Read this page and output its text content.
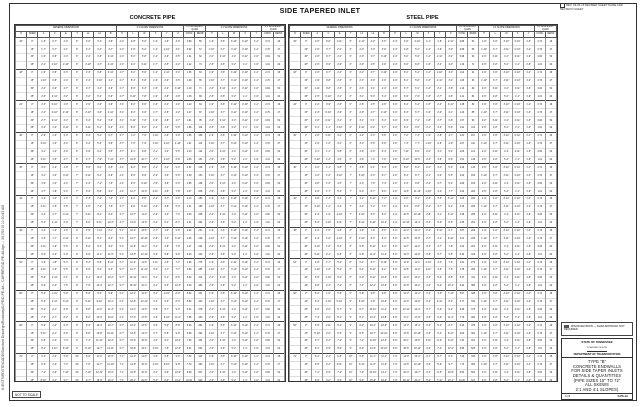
K:\ESTS\RDSTD\CADD\Standard Drawings\Roadway\D-PE\D-PE-4A -- CURRENT\D-PE-4A.dgn -- 3/17/2015 10:30:43 AM
SIDE TAPERED INLET
REV. 03-04-15 REVISED SHEET NAME AND REVISION SHEET.
CONCRETE PIPE	STEEL PIPE
GENERAL DIMENSIONS									2:1 SLOPE DIMENSIONS						2:1 SLOPE EST QUAN		4:1 SLOPE DIMENSIONS					4:1 SLOPE EST QUAN	
D	SKEW	A	C	E	T	L1	L2	B	H	L	W	X	Y	Z	CONC	REINF	H	L	W	X	Y	CONC	REINF
15"	0°	1'-6"	0'-7"	2'-0"	6"	2'-0"	3'-3"	3'-6"	2'-4"	4'-8"	5'-0"	1'-2"	1'-9"	3'-0"	0.89	55	1'-9"	3'-6"	3'-10"	0'-10"	1'-4"	0.74	46
	15°	1'-7"	0'-7"	2'-1"	6"	2'-1"	3'-4"	3'-7"	2'-4"	4'-9"	5'-2"	1'-2"	1'-10"	3'-1"	0.92	57	1'-10"	3'-7"	3'-11"	0'-10"	1'-4"	0.76	47
	30°	1'-9"	0'-8"	2'-4"	6"	2'-4"	3'-8"	3'-11"	2'-4"	5'-2"	5'-8"	1'-4"	2'-0"	3'-5"	1.01	62	2'-0"	3'-11"	4'-4"	0'-11"	1'-6"	0.84	52
	45°	2'-1"	0'-10"	2'-10"	6"	2'-10"	4'-7"	4'-11"	2'-4"	6'-2"	6'-11"	1'-7"	2'-5"	4'-2"	1.22	74	2'-5"	4'-8"	5'-2"	1'-1"	1'-9"	1.01	62
18"	0°	1'-9"	0'-8"	2'-3"	6"	2'-3"	3'-8"	3'-11"	2'-7"	5'-2"	5'-6"	1'-3"	1'-11"	3'-4"	1.05	63	1'-9"	3'-6"	3'-10"	0'-10"	1'-4"	0.74	46
	15°	1'-10"	0'-8"	2'-4"	6"	2'-4"	3'-10"	4'-1"	2'-7"	5'-4"	5'-8"	1'-3"	2'-0"	3'-5"	1.09	65	1'-10"	3'-7"	3'-11"	0'-10"	1'-4"	0.76	47
	30°	2'-0"	0'-9"	2'-7"	6"	2'-7"	4'-3"	4'-6"	2'-7"	5'-9"	6'-3"	1'-5"	2'-2"	3'-10"	1.19	71	2'-0"	3'-11"	4'-4"	0'-11"	1'-6"	0.84	52
	45°	2'-6"	0'-11"	3'-2"	6"	3'-2"	5'-2"	5'-6"	2'-7"	6'-11"	7'-8"	1'-9"	2'-8"	4'-8"	1.45	86	2'-5"	4'-8"	5'-2"	1'-1"	1'-9"	1.01	62
24"	0°	2'-3"	0'-10"	2'-9"	6"	2'-9"	4'-6"	4'-9"	3'-1"	6'-2"	6'-6"	1'-6"	2'-4"	4'-0"	1.42	84	1'-9"	3'-6"	3'-10"	0'-10"	1'-4"	0.74	46
	15°	2'-4"	0'-10"	2'-10"	6"	2'-10"	4'-8"	4'-11"	3'-1"	6'-4"	6'-9"	1'-7"	2'-5"	4'-2"	1.47	87	1'-10"	3'-7"	3'-11"	0'-10"	1'-4"	0.76	47
	30°	2'-7"	0'-11"	3'-2"	6"	3'-2"	5'-2"	5'-6"	3'-1"	6'-11"	7'-6"	1'-9"	2'-8"	4'-7"	1.61	95	2'-0"	3'-11"	4'-4"	0'-11"	1'-6"	0.84	52
	45°	3'-2"	1'-2"	3'-11"	6"	3'-11"	6'-4"	6'-9"	3'-1"	8'-6"	9'-2"	2'-2"	3'-3"	5'-8"	1.96	116	2'-5"	4'-8"	5'-2"	1'-1"	1'-9"	1.01	62
30"	0°	2'-9"	1'-0"	3'-3"	6"	3'-3"	5'-4"	5'-7"	3'-7"	7'-2"	7'-6"	1'-10"	2'-9"	4'-8"	1.85	109	1'-9"	3'-6"	3'-10"	0'-10"	1'-4"	0.74	46
	15°	2'-10"	1'-0"	3'-4"	6"	3'-4"	5'-6"	5'-9"	3'-7"	7'-5"	7'-9"	1'-10"	2'-10"	4'-10"	1.91	113	1'-10"	3'-7"	3'-11"	0'-10"	1'-4"	0.76	47
	30°	3'-2"	1'-2"	3'-9"	6"	3'-9"	6'-2"	6'-5"	3'-7"	8'-1"	8'-8"	2'-1"	3'-2"	5'-5"	2.10	124	2'-0"	3'-11"	4'-4"	0'-11"	1'-6"	0.84	52
	45°	3'-11"	1'-5"	4'-7"	6"	4'-7"	7'-6"	7'-11"	3'-7"	10'-0"	10'-7"	2'-7"	3'-10"	6'-8"	2.56	151	2'-5"	4'-8"	5'-2"	1'-1"	1'-9"	1.01	62
36"	0°	3'-3"	1'-2"	3'-9"	7"	3'-9"	6'-2"	6'-5"	4'-1"	8'-2"	8'-6"	2'-1"	3'-2"	5'-4"	2.51	148	1'-9"	3'-6"	3'-10"	0'-10"	1'-4"	0.74	46
	15°	3'-4"	1'-2"	3'-11"	7"	3'-11"	6'-4"	6'-8"	4'-1"	8'-6"	8'-9"	2'-2"	3'-3"	5'-6"	2.59	153	1'-10"	3'-7"	3'-11"	0'-10"	1'-4"	0.76	47
	30°	3'-9"	1'-4"	4'-4"	7"	4'-4"	7'-1"	7'-5"	4'-1"	9'-5"	9'-10"	2'-5"	3'-8"	6'-3"	2.85	168	2'-0"	3'-11"	4'-4"	0'-11"	1'-6"	0.84	52
	45°	4'-7"	1'-8"	5'-4"	7"	5'-4"	8'-8"	9'-1"	4'-1"	11'-7"	12'-0"	2'-11"	4'-5"	7'-8"	3.47	205	2'-5"	4'-8"	5'-2"	1'-1"	1'-9"	1.01	62
42"	0°	3'-9"	1'-4"	4'-3"	7"	4'-3"	7'-0"	7'-3"	4'-7"	9'-2"	9'-6"	2'-4"	3'-7"	6'-0"	3.10	183	1'-9"	3'-6"	3'-10"	0'-10"	1'-4"	0.74	46
	15°	3'-11"	1'-5"	4'-5"	7"	4'-5"	7'-3"	7'-6"	4'-7"	9'-6"	9'-10"	2'-5"	3'-8"	6'-3"	3.21	189	1'-10"	3'-7"	3'-11"	0'-10"	1'-4"	0.76	47
	30°	4'-4"	1'-7"	4'-11"	7"	4'-11"	8'-1"	8'-4"	4'-7"	10'-7"	11'-0"	2'-9"	4'-2"	7'-0"	3.53	208	2'-0"	3'-11"	4'-4"	0'-11"	1'-6"	0.84	52
	45°	5'-4"	1'-11"	6'-0"	7"	6'-0"	9'-11"	10'-3"	4'-7"	13'-0"	13'-6"	3'-4"	5'-1"	8'-7"	4.31	254	2'-5"	4'-8"	5'-2"	1'-1"	1'-9"	1.01	62
48"	0°	4'-3"	1'-6"	4'-9"	8"	4'-9"	7'-10"	8'-1"	5'-1"	10'-2"	10'-6"	2'-7"	4'-0"	6'-8"	3.92	231	1'-9"	3'-6"	3'-10"	0'-10"	1'-4"	0.74	46
	15°	4'-5"	1'-7"	4'-11"	8"	4'-11"	8'-1"	8'-4"	5'-1"	10'-7"	10'-10"	2'-8"	4'-2"	6'-11"	4.06	239	1'-10"	3'-7"	3'-11"	0'-10"	1'-4"	0.76	47
	30°	4'-11"	1'-9"	5'-6"	8"	5'-6"	9'-0"	9'-4"	5'-1"	11'-9"	12'-2"	3'-1"	4'-8"	7'-9"	4.47	264	2'-0"	3'-11"	4'-4"	0'-11"	1'-6"	0.84	52
	45°	6'-0"	2'-2"	6'-9"	8"	6'-9"	11'-1"	11'-5"	5'-1"	14'-5"	14'-11"	3'-9"	5'-8"	9'-6"	5.46	322	2'-5"	4'-8"	5'-2"	1'-1"	1'-9"	1.01	62
54"	0°	4'-9"	1'-8"	5'-3"	8"	5'-3"	8'-8"	8'-11"	5'-7"	11'-2"	11'-6"	2'-11"	4'-5"	7'-4"	4.66	275	1'-9"	3'-6"	3'-10"	0'-10"	1'-4"	0.74	46
	15°	4'-11"	1'-9"	5'-5"	8"	5'-5"	9'-0"	9'-3"	5'-7"	11'-7"	11'-11"	3'-0"	4'-7"	7'-7"	4.83	285	1'-10"	3'-7"	3'-11"	0'-10"	1'-4"	0.76	47
	30°	5'-6"	1'-11"	6'-1"	8"	6'-1"	10'-0"	10'-4"	5'-7"	12'-11"	13'-4"	3'-4"	5'-1"	8'-6"	5.32	314	2'-0"	3'-11"	4'-4"	0'-11"	1'-6"	0.84	52
	45°	6'-9"	2'-4"	7'-5"	8"	7'-5"	12'-3"	12'-7"	5'-7"	15'-10"	16'-4"	4'-1"	6'-3"	10'-5"	6.50	383	2'-5"	4'-8"	5'-2"	1'-1"	1'-9"	1.01	62
60"	0°	5'-3"	1'-10"	5'-9"	9"	5'-9"	9'-6"	9'-9"	6'-1"	12'-2"	12'-6"	3'-2"	4'-10"	8'-0"	5.62	331	1'-9"	3'-6"	3'-10"	0'-10"	1'-4"	0.74	46
	15°	5'-5"	1'-11"	5'-11"	9"	5'-11"	9'-10"	10'-1"	6'-1"	12'-8"	12'-11"	3'-3"	5'-0"	8'-3"	5.82	343	1'-10"	3'-7"	3'-11"	0'-10"	1'-4"	0.76	47
	30°	6'-1"	2'-1"	6'-8"	9"	6'-8"	11'-0"	11'-3"	6'-1"	14'-1"	14'-6"	3'-8"	5'-7"	9'-3"	6.41	378	2'-0"	3'-11"	4'-4"	0'-11"	1'-6"	0.84	52
	45°	7'-5"	2'-7"	8'-2"	9"	8'-2"	13'-5"	13'-9"	6'-1"	17'-3"	17'-8"	4'-6"	6'-10"	11'-4"	7.85	463	2'-5"	4'-8"	5'-2"	1'-1"	1'-9"	1.01	62
66"	0°	5'-9"	2'-0"	6'-3"	9"	6'-3"	10'-4"	10'-7"	6'-7"	13'-2"	13'-6"	3'-5"	5'-3"	8'-8"	6.45	381	1'-9"	3'-6"	3'-10"	0'-10"	1'-4"	0.74	46
	15°	5'-11"	2'-1"	6'-6"	9"	6'-6"	10'-8"	10'-11"	6'-7"	13'-8"	14'-0"	3'-7"	5'-5"	9'-0"	6.68	394	1'-10"	3'-7"	3'-11"	0'-10"	1'-4"	0.76	47
	30°	6'-8"	2'-4"	7'-3"	9"	7'-3"	11'-11"	12'-3"	6'-7"	15'-3"	15'-8"	4'-0"	6'-1"	10'-0"	7.36	434	2'-0"	3'-11"	4'-4"	0'-11"	1'-6"	0.84	52
	45°	8'-2"	2'-10"	8'-10"	9"	8'-10"	14'-7"	14'-11"	6'-7"	18'-8"	19'-1"	4'-10"	7'-5"	12'-3"	9.01	532	2'-5"	4'-8"	5'-2"	1'-1"	1'-9"	1.01	62
72"	0°	6'-3"	2'-2"	6'-9"	10"	6'-9"	11'-2"	11'-5"	7'-1"	14'-2"	14'-6"	3'-8"	5'-8"	9'-4"	7.52	444	1'-9"	3'-6"	3'-10"	0'-10"	1'-4"	0.74	46
	15°	6'-6"	2'-3"	7'-0"	10"	7'-0"	11'-7"	11'-10"	7'-1"	14'-8"	15'-0"	3'-10"	5'-10"	9'-8"	7.79	460	1'-10"	3'-7"	3'-11"	0'-10"	1'-4"	0.76	47
	30°	7'-3"	2'-6"	7'-10"	10"	7'-10"	12'-11"	13'-2"	7'-1"	16'-5"	16'-9"	4'-4"	6'-6"	10'-9"	8.59	507	2'-0"	3'-11"	4'-4"	0'-11"	1'-6"	0.84	52
	45°	8'-10"	3'-1"	9'-7"	10"	9'-7"	15'-9"	16'-1"	7'-1"	20'-1"	20'-6"	5'-3"	8'-0"	13'-2"	10.51	620	2'-5"	4'-8"	5'-2"	1'-1"	1'-9"	1.01	62
GENERAL DIMENSIONS									2:1 SLOPE DIMENSIONS						2:1 SLOPE EST QUAN		4:1 SLOPE DIMENSIONS					4:1 SLOPE EST QUAN	
D	SKEW	A	C	E	T	L1	L2	B	H	L	W	X	Y	Z	CONC	REINF	H	L	W	X	Y	CONC	REINF
15"	0°	1'-5"	0'-6"	1'-11"	6"	1'-11"	3'-2"	3'-5"	2'-3"	4'-6"	4'-10"	1'-1"	1'-8"	2'-11"	0.86	53	1'-9"	3'-6"	3'-10"	0'-10"	1'-4"	0.74	46
	15°	1'-6"	0'-7"	2'-0"	6"	2'-0"	3'-3"	3'-6"	2'-3"	4'-8"	5'-0"	1'-2"	1'-9"	3'-0"	0.89	55	1'-10"	3'-7"	3'-11"	0'-10"	1'-4"	0.76	47
	30°	1'-8"	0'-7"	2'-3"	6"	2'-3"	3'-7"	3'-10"	2'-3"	5'-0"	5'-6"	1'-3"	1'-11"	3'-4"	0.98	60	2'-0"	3'-11"	4'-4"	0'-11"	1'-6"	0.84	52
	45°	2'-0"	0'-9"	2'-9"	6"	2'-9"	4'-5"	4'-9"	2'-3"	6'-0"	6'-8"	1'-6"	2'-4"	4'-0"	1.19	72	2'-5"	4'-8"	5'-2"	1'-1"	1'-9"	1.01	62
18"	0°	1'-8"	0'-7"	2'-2"	6"	2'-2"	3'-7"	3'-10"	2'-6"	5'-0"	5'-4"	1'-2"	1'-10"	3'-3"	1.02	61	1'-9"	3'-6"	3'-10"	0'-10"	1'-4"	0.74	46
	15°	1'-9"	0'-8"	2'-3"	6"	2'-3"	3'-9"	4'-0"	2'-6"	5'-2"	5'-6"	1'-3"	1'-11"	3'-4"	1.06	63	1'-10"	3'-7"	3'-11"	0'-10"	1'-4"	0.76	47
	30°	1'-11"	0'-8"	2'-6"	6"	2'-6"	4'-1"	4'-4"	2'-6"	5'-7"	6'-1"	1'-4"	2'-1"	3'-8"	1.16	69	2'-0"	3'-11"	4'-4"	0'-11"	1'-6"	0.84	52
	45°	2'-5"	0'-10"	3'-1"	6"	3'-1"	5'-0"	5'-4"	2'-6"	6'-9"	7'-6"	1'-8"	2'-7"	4'-6"	1.41	84	2'-5"	4'-8"	5'-2"	1'-1"	1'-9"	1.01	62
24"	0°	2'-2"	0'-9"	2'-8"	6"	2'-8"	4'-5"	4'-8"	3'-0"	6'-0"	6'-4"	1'-5"	2'-3"	3'-11"	1.38	82	1'-9"	3'-6"	3'-10"	0'-10"	1'-4"	0.74	46
	15°	2'-3"	0'-10"	2'-9"	6"	2'-9"	4'-7"	4'-10"	3'-0"	6'-3"	6'-7"	1'-6"	2'-4"	4'-1"	1.43	85	1'-10"	3'-7"	3'-11"	0'-10"	1'-4"	0.76	47
	30°	2'-6"	0'-11"	3'-1"	6"	3'-1"	5'-1"	5'-4"	3'-0"	6'-9"	7'-4"	1'-8"	2'-7"	4'-6"	1.57	93	2'-0"	3'-11"	4'-4"	0'-11"	1'-6"	0.84	52
	45°	3'-1"	1'-1"	3'-10"	6"	3'-10"	6'-2"	6'-7"	3'-0"	8'-4"	9'-0"	2'-1"	3'-2"	5'-6"	1.91	113	2'-5"	4'-8"	5'-2"	1'-1"	1'-9"	1.01	62
30"	0°	2'-8"	0'-11"	3'-2"	6"	3'-2"	5'-3"	5'-6"	3'-6"	7'-0"	7'-4"	1'-9"	2'-8"	4'-7"	1.81	107	1'-9"	3'-6"	3'-10"	0'-10"	1'-4"	0.74	46
	15°	2'-9"	1'-0"	3'-3"	6"	3'-3"	5'-5"	5'-8"	3'-6"	7'-3"	7'-7"	1'-10"	2'-9"	4'-9"	1.87	110	1'-10"	3'-7"	3'-11"	0'-10"	1'-4"	0.76	47
	30°	3'-1"	1'-1"	3'-8"	6"	3'-8"	6'-0"	6'-4"	3'-6"	7'-11"	8'-6"	2'-0"	3'-1"	5'-4"	2.06	121	2'-0"	3'-11"	4'-4"	0'-11"	1'-6"	0.84	52
	45°	3'-10"	1'-4"	4'-6"	6"	4'-6"	7'-4"	7'-9"	3'-6"	9'-10"	10'-5"	2'-6"	3'-9"	6'-6"	2.51	148	2'-5"	4'-8"	5'-2"	1'-1"	1'-9"	1.01	62
36"	0°	3'-2"	1'-1"	3'-8"	7"	3'-8"	6'-1"	6'-4"	4'-0"	8'-0"	8'-4"	2'-0"	3'-1"	5'-3"	2.46	145	1'-9"	3'-6"	3'-10"	0'-10"	1'-4"	0.74	46
	15°	3'-3"	1'-2"	3'-10"	7"	3'-10"	6'-3"	6'-7"	4'-0"	8'-4"	8'-7"	2'-1"	3'-2"	5'-5"	2.54	150	1'-10"	3'-7"	3'-11"	0'-10"	1'-4"	0.76	47
	30°	3'-8"	1'-3"	4'-3"	7"	4'-3"	7'-0"	7'-4"	4'-0"	9'-3"	9'-8"	2'-4"	3'-7"	6'-2"	2.80	165	2'-0"	3'-11"	4'-4"	0'-11"	1'-6"	0.84	52
	45°	4'-6"	1'-7"	5'-3"	7"	5'-3"	8'-7"	9'-0"	4'-0"	11'-5"	11'-10"	2'-10"	4'-4"	7'-7"	3.42	202	2'-5"	4'-8"	5'-2"	1'-1"	1'-9"	1.01	62
42"	0°	3'-8"	1'-3"	4'-2"	7"	4'-2"	6'-11"	7'-2"	4'-6"	9'-0"	9'-4"	2'-3"	3'-6"	5'-11"	3.05	180	1'-9"	3'-6"	3'-10"	0'-10"	1'-4"	0.74	46
	15°	3'-10"	1'-4"	4'-4"	7"	4'-4"	7'-2"	7'-5"	4'-6"	9'-4"	9'-8"	2'-4"	3'-7"	6'-2"	3.16	186	1'-10"	3'-7"	3'-11"	0'-10"	1'-4"	0.76	47
	30°	4'-3"	1'-6"	4'-10"	7"	4'-10"	8'-0"	8'-3"	4'-6"	10'-5"	10'-10"	2'-8"	4'-1"	6'-11"	3.48	205	2'-0"	3'-11"	4'-4"	0'-11"	1'-6"	0.84	52
	45°	5'-3"	1'-10"	5'-11"	7"	5'-11"	9'-10"	10'-2"	4'-6"	12'-10"	13'-4"	3'-3"	5'-0"	8'-6"	4.25	251	2'-5"	4'-8"	5'-2"	1'-1"	1'-9"	1.01	62
48"	0°	4'-2"	1'-5"	4'-8"	8"	4'-8"	7'-9"	8'-0"	5'-0"	10'-0"	10'-4"	2'-6"	3'-11"	6'-7"	3.87	228	1'-9"	3'-6"	3'-10"	0'-10"	1'-4"	0.74	46
	15°	4'-4"	1'-6"	4'-10"	8"	4'-10"	8'-0"	8'-3"	5'-0"	10'-5"	10'-8"	2'-7"	4'-1"	6'-10"	4.01	236	1'-10"	3'-7"	3'-11"	0'-10"	1'-4"	0.76	47
	30°	4'-10"	1'-8"	5'-5"	8"	5'-5"	8'-11"	9'-3"	5'-0"	11'-7"	12'-0"	3'-0"	4'-7"	7'-8"	4.42	261	2'-0"	3'-11"	4'-4"	0'-11"	1'-6"	0.84	52
	45°	5'-11"	2'-1"	6'-8"	8"	6'-8"	11'-0"	11'-4"	5'-0"	14'-3"	14'-9"	3'-8"	5'-7"	9'-5"	5.40	319	2'-5"	4'-8"	5'-2"	1'-1"	1'-9"	1.01	62
54"	0°	4'-8"	1'-7"	5'-2"	8"	5'-2"	8'-7"	8'-10"	5'-6"	11'-0"	11'-4"	2'-10"	4'-4"	7'-3"	4.61	272	1'-9"	3'-6"	3'-10"	0'-10"	1'-4"	0.74	46
	15°	4'-10"	1'-8"	5'-4"	8"	5'-4"	8'-11"	9'-2"	5'-6"	11'-5"	11'-9"	2'-11"	4'-6"	7'-6"	4.78	282	1'-10"	3'-7"	3'-11"	0'-10"	1'-4"	0.76	47
	30°	5'-5"	1'-10"	6'-0"	8"	6'-0"	9'-11"	10'-3"	5'-6"	12'-9"	13'-2"	3'-3"	5'-0"	8'-5"	5.27	311	2'-0"	3'-11"	4'-4"	0'-11"	1'-6"	0.84	52
	45°	6'-8"	2'-3"	7'-4"	8"	7'-4"	12'-2"	12'-6"	5'-6"	15'-8"	16'-2"	4'-0"	6'-2"	10'-4"	6.44	380	2'-5"	4'-8"	5'-2"	1'-1"	1'-9"	1.01	62
60"	0°	5'-2"	1'-9"	5'-8"	9"	5'-8"	9'-5"	9'-8"	6'-0"	12'-0"	12'-4"	3'-1"	4'-9"	7'-11"	5.57	328	1'-9"	3'-6"	3'-10"	0'-10"	1'-4"	0.74	46
	15°	5'-4"	1'-10"	5'-10"	9"	5'-10"	9'-9"	10'-0"	6'-0"	12'-6"	12'-9"	3'-2"	4'-11"	8'-2"	5.77	340	1'-10"	3'-7"	3'-11"	0'-10"	1'-4"	0.76	47
	30°	6'-0"	2'-0"	6'-7"	9"	6'-7"	10'-11"	11'-2"	6'-0"	13'-11"	14'-4"	3'-7"	5'-6"	9'-2"	6.36	375	2'-0"	3'-11"	4'-4"	0'-11"	1'-6"	0.84	52
	45°	7'-4"	2'-6"	8'-1"	9"	8'-1"	13'-4"	13'-8"	6'-0"	17'-1"	17'-6"	4'-5"	6'-9"	11'-3"	7.79	460	2'-5"	4'-8"	5'-2"	1'-1"	1'-9"	1.01	62
66"	0°	5'-8"	1'-11"	6'-2"	9"	6'-2"	10'-3"	10'-6"	6'-6"	13'-0"	13'-4"	3'-4"	5'-2"	8'-7"	6.40	378	1'-9"	3'-6"	3'-10"	0'-10"	1'-4"	0.74	46
	15°	5'-10"	2'-0"	6'-5"	9"	6'-5"	10'-7"	10'-10"	6'-6"	13'-6"	13'-10"	3'-6"	5'-4"	8'-11"	6.63	391	1'-10"	3'-7"	3'-11"	0'-10"	1'-4"	0.76	47
	30°	6'-7"	2'-3"	7'-2"	9"	7'-2"	11'-10"	12'-2"	6'-6"	15'-1"	15'-6"	3'-11"	6'-0"	9'-11"	7.31	431	2'-0"	3'-11"	4'-4"	0'-11"	1'-6"	0.84	52
	45°	8'-1"	2'-9"	8'-9"	9"	8'-9"	14'-6"	14'-10"	6'-6"	18'-6"	18'-11"	4'-9"	7'-4"	12'-2"	8.95	528	2'-5"	4'-8"	5'-2"	1'-1"	1'-9"	1.01	62
72"	0°	6'-2"	2'-1"	6'-8"	10"	6'-8"	11'-1"	11'-4"	7'-0"	14'-0"	14'-4"	3'-7"	5'-7"	9'-3"	7.46	440	1'-9"	3'-6"	3'-10"	0'-10"	1'-4"	0.74	46
	15°	6'-5"	2'-2"	6'-11"	10"	6'-11"	11'-6"	11'-9"	7'-0"	14'-6"	14'-10"	3'-9"	5'-9"	9'-7"	7.73	456	1'-10"	3'-7"	3'-11"	0'-10"	1'-4"	0.76	47
	30°	7'-2"	2'-5"	7'-9"	10"	7'-9"	12'-10"	13'-1"	7'-0"	16'-3"	16'-7"	4'-3"	6'-5"	10'-8"	8.53	503	2'-0"	3'-11"	4'-4"	0'-11"	1'-6"	0.84	52
	45°	8'-9"	3'-0"	9'-6"	10"	9'-6"	15'-8"	16'-0"	7'-0"	19'-11"	20'-4"	5'-2"	7'-11"	13'-1"	10.45	617	2'-5"	4'-8"	5'-2"	1'-1"	1'-9"	1.01	62
MINOR REVISION — FHWA APPROVAL NOT REQUIRED
STATE OF TENNESSEE
ROADWAY DESIGN
DEPARTMENT OF TRANSPORTATION
TYPE "B"
CONCRETE ENDWALLS
FOR SIDE TAPER INLETS
DETAILS & QUANTITIES
(PIPE SIZES 15" TO 72"
ALL SKEWS
2:1 AND 4:1 SLOPES)
4-15	D-PE-4A
NOT TO SCALE
